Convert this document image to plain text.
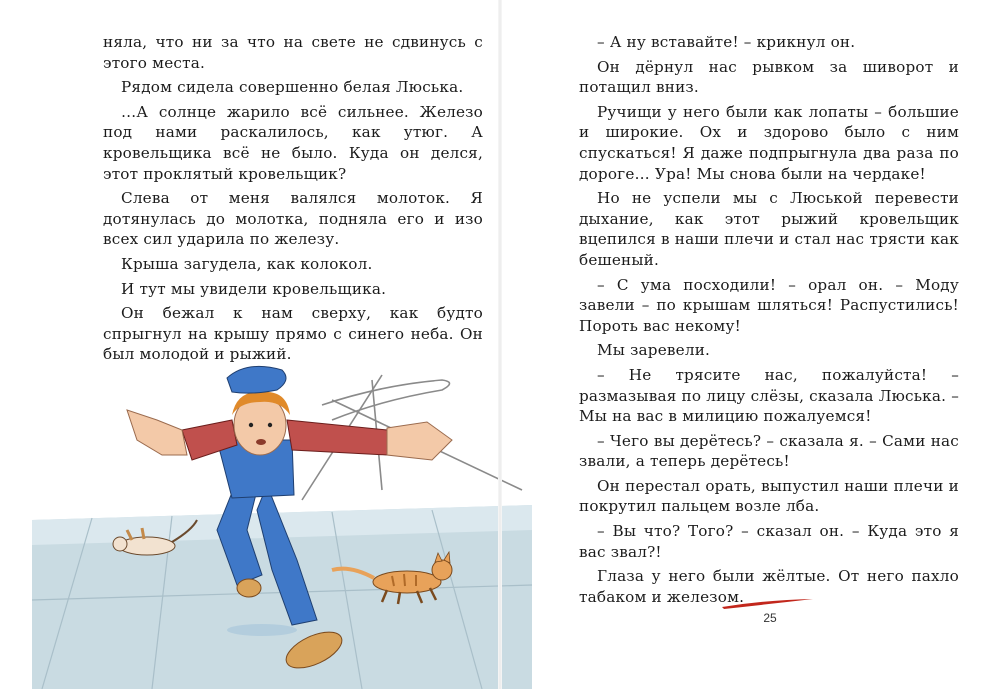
няла, что ни за что на свете не сдвинусь с этого места.

Рядом сидела совершенно белая Люська.

…А солнце жарило всё сильнее. Железо под нами раскалилось, как утюг. А кровельщика всё не было. Куда он делся, этот проклятый кровельщик?

Слева от меня валялся молоток. Я дотянулась до молотка, подняла его и изо всех сил ударила по железу.

Крыша загудела, как колокол.

И тут мы увидели кровельщика.

Он бежал к нам сверху, как будто спрыгнул на крышу прямо с синего неба. Он был молодой и рыжий.

– А ну вставайте! – крикнул он.

Он дёрнул нас рывком за шиворот и потащил вниз.

Ручищи у него были как лопаты – большие и широкие. Ох и здорово было с ним спускаться! Я даже подпрыгнула два раза по дороге… Ура! Мы снова были на чердаке!

Но не успели мы с Люськой перевести дыхание, как этот рыжий кровельщик вцепился в наши плечи и стал нас трясти как бешеный.

– С ума посходили! – орал он. – Моду завели – по крышам шляться! Распустились! Пороть вас некому!

Мы заревели.

– Не трясите нас, пожалуйста! – размазывая по лицу слёзы, сказала Люська. – Мы на вас в милицию пожалуемся!

– Чего вы дерётесь? – сказала я. – Сами нас звали, а теперь дерётесь!

Он перестал орать, выпустил наши плечи и покрутил пальцем возле лба.

– Вы что? Того? – сказал он. – Куда это я вас звал?!

Глаза у него были жёлтые. От него пахло табаком и железом.

25
